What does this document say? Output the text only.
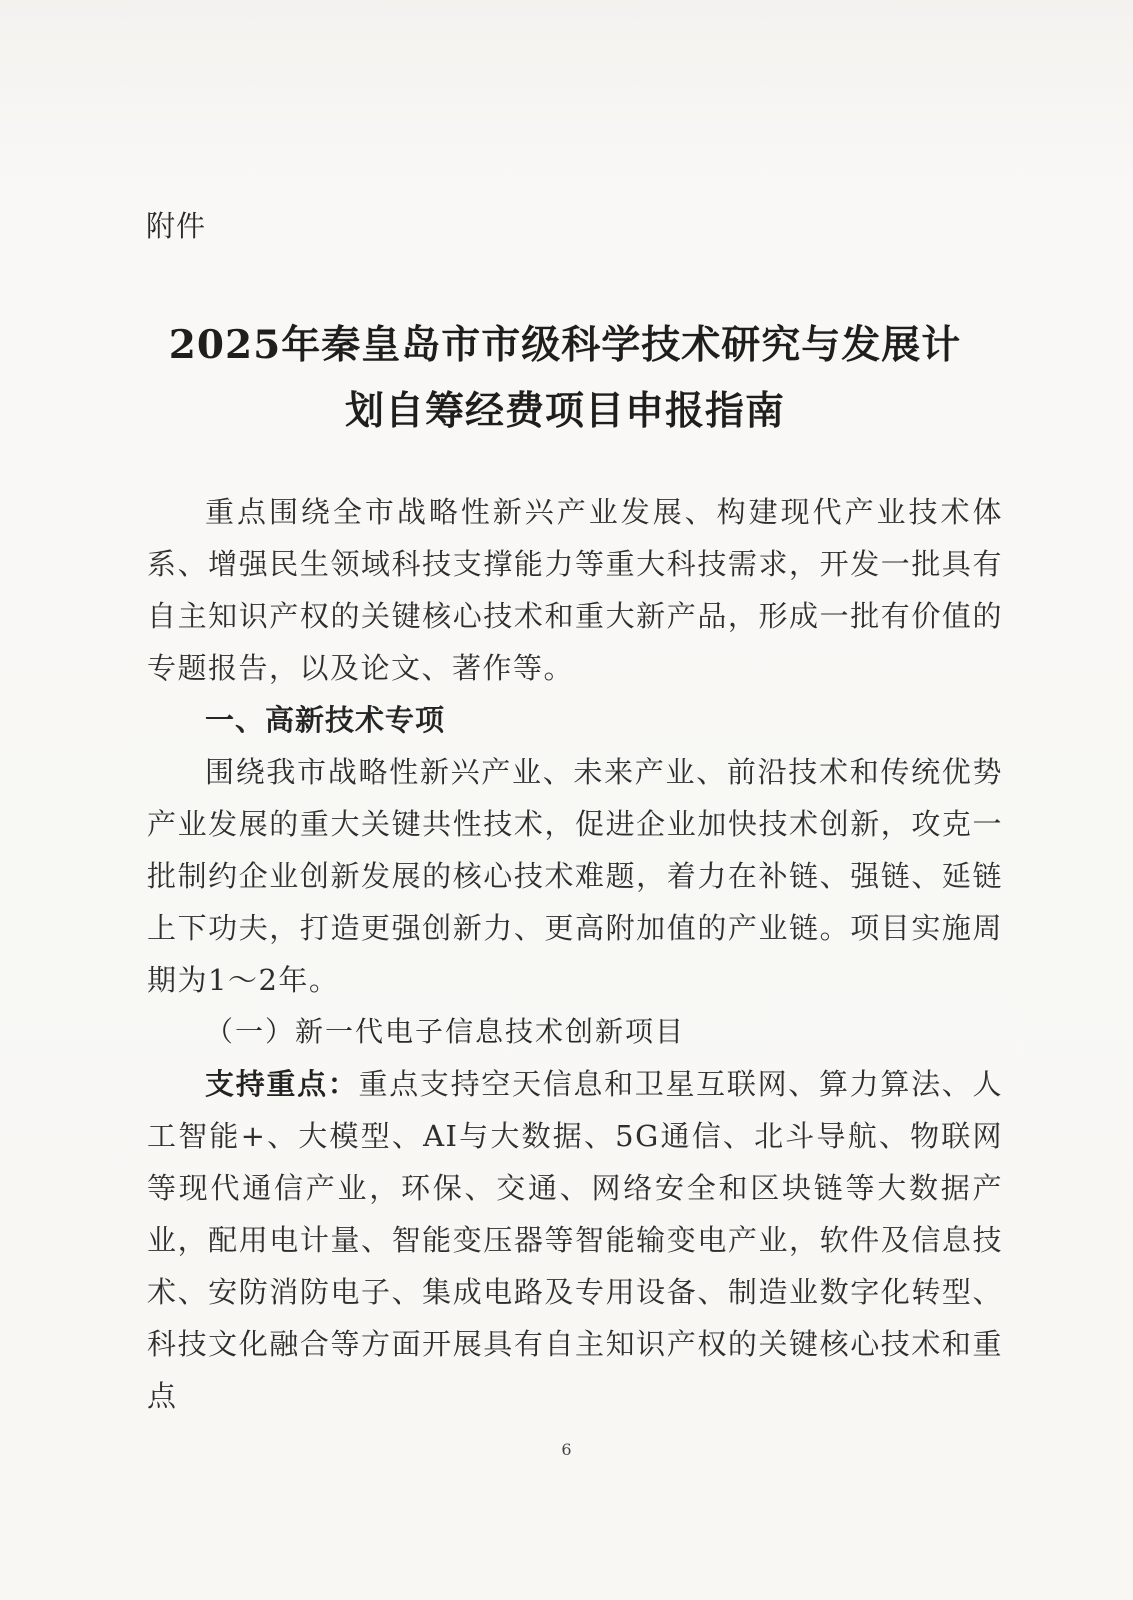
附件
2025年秦皇岛市市级科学技术研究与发展计
划自筹经费项目申报指南

重点围绕全市战略性新兴产业发展、构建现代产业技术体系、增强民生领域科技支撑能力等重大科技需求，开发一批具有自主知识产权的关键核心技术和重大新产品，形成一批有价值的专题报告，以及论文、著作等。

一、高新技术专项

围绕我市战略性新兴产业、未来产业、前沿技术和传统优势产业发展的重大关键共性技术，促进企业加快技术创新，攻克一批制约企业创新发展的核心技术难题，着力在补链、强链、延链上下功夫，打造更强创新力、更高附加值的产业链。项目实施周期为1～2年。

（一）新一代电子信息技术创新项目

支持重点：重点支持空天信息和卫星互联网、算力算法、人工智能+、大模型、AI与大数据、5G通信、北斗导航、物联网等现代通信产业，环保、交通、网络安全和区块链等大数据产业，配用电计量、智能变压器等智能输变电产业，软件及信息技术、安防消防电子、集成电路及专用设备、制造业数字化转型、科技文化融合等方面开展具有自主知识产权的关键核心技术和重点

6
